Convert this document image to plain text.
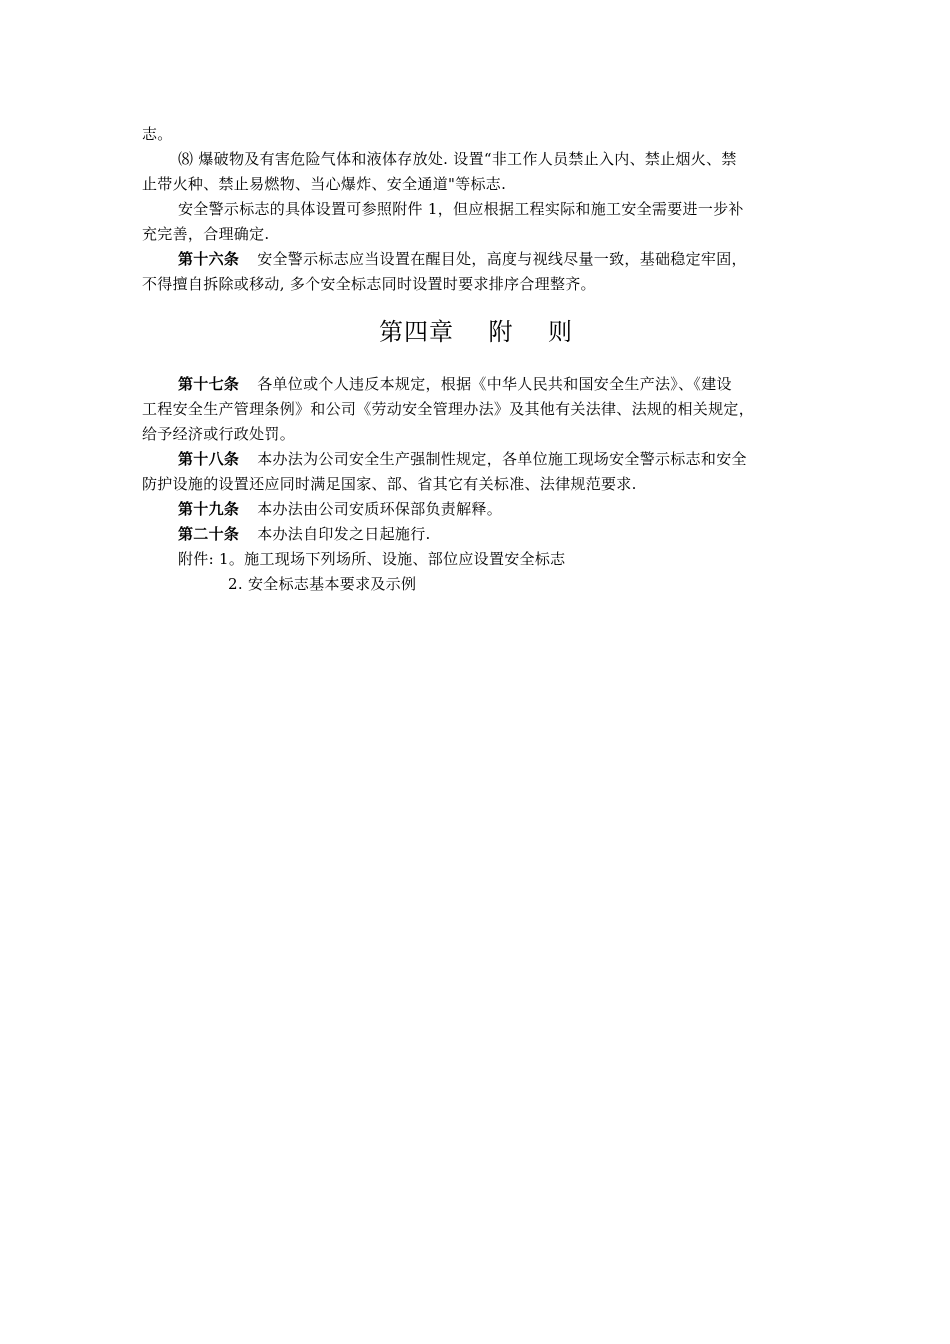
志。
⑻ 爆破物及有害危险气体和液体存放处. 设置“非工作人员禁止入内、禁止烟火、禁
止带火种、禁止易燃物、当心爆炸、安全通道"等标志.
安全警示标志的具体设置可参照附件 1，但应根据工程实际和施工安全需要进一步补
充完善，合理确定.
第十六条 安全警示标志应当设置在醒目处，高度与视线尽量一致，基础稳定牢固，
不得擅自拆除或移动, 多个安全标志同时设置时要求排序合理整齐。
第四章    附    则
第十七条 各单位或个人违反本规定，根据《中华人民共和国安全生产法》、《建设
工程安全生产管理条例》和公司《劳动安全管理办法》及其他有关法律、法规的相关规定，
给予经济或行政处罚。
第十八条 本办法为公司安全生产强制性规定，各单位施工现场安全警示标志和安全
防护设施的设置还应同时满足国家、部、省其它有关标准、法律规范要求.
第十九条 本办法由公司安质环保部负责解释。
第二十条 本办法自印发之日起施行.
附件: 1。施工现场下列场所、设施、部位应设置安全标志
2. 安全标志基本要求及示例
